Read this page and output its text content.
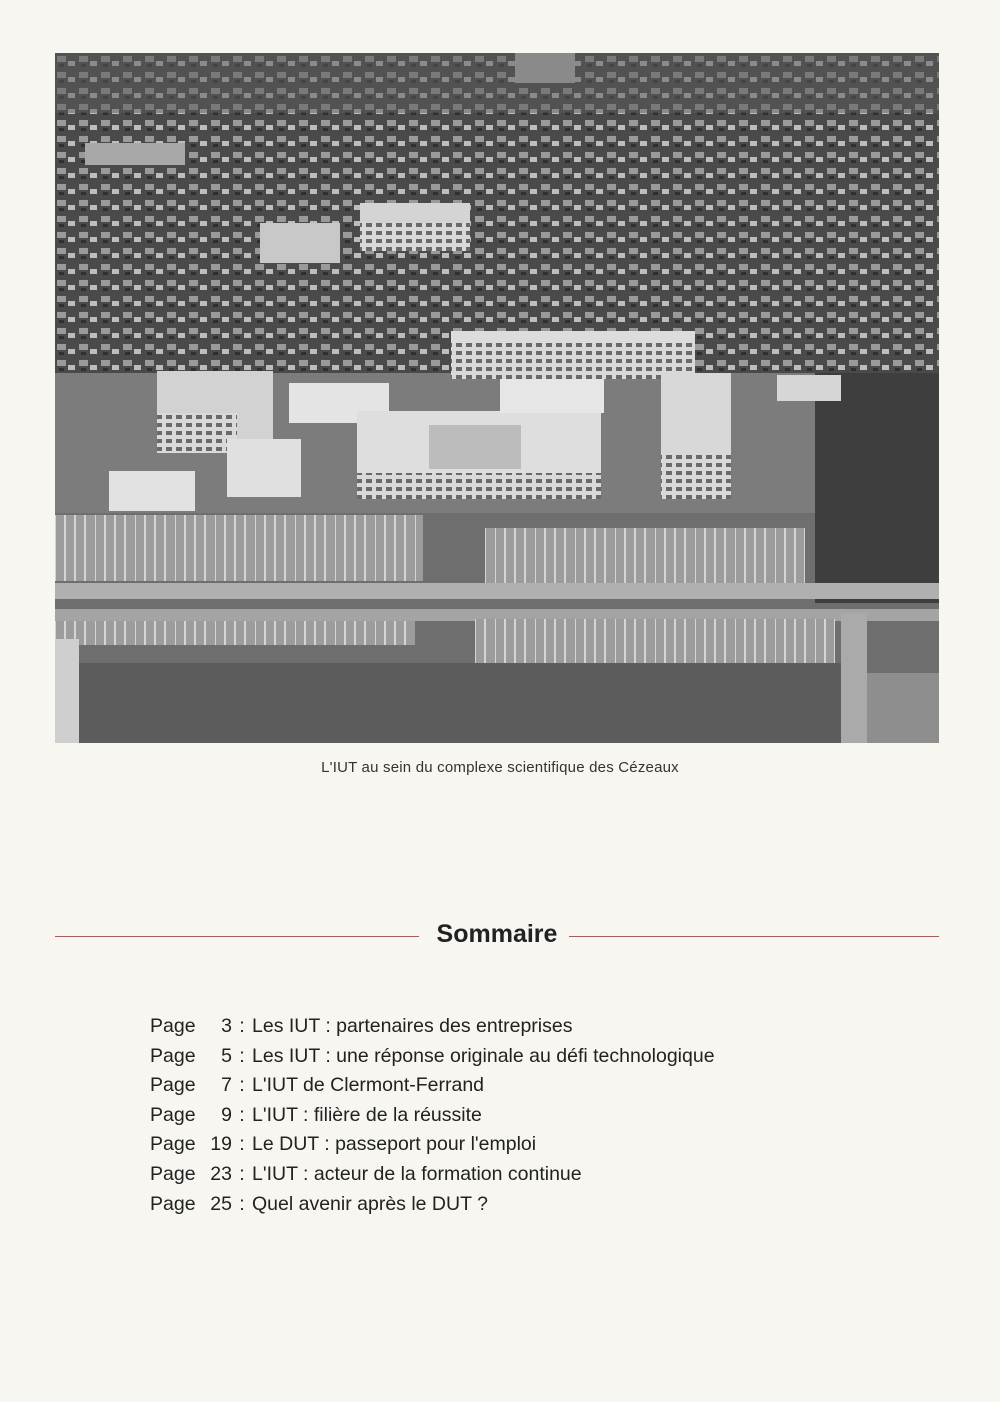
L'IUT au sein du complexe scientifique des Cézeaux
Sommaire
Page 3 : Les IUT : partenaires des entreprises
Page 5 : Les IUT : une réponse originale au défi technologique
Page 7 : L'IUT de Clermont-Ferrand
Page 9 : L'IUT : filière de la réussite
Page 19 : Le DUT : passeport pour l'emploi
Page 23 : L'IUT : acteur de la formation continue
Page 25 : Quel avenir après le DUT ?
